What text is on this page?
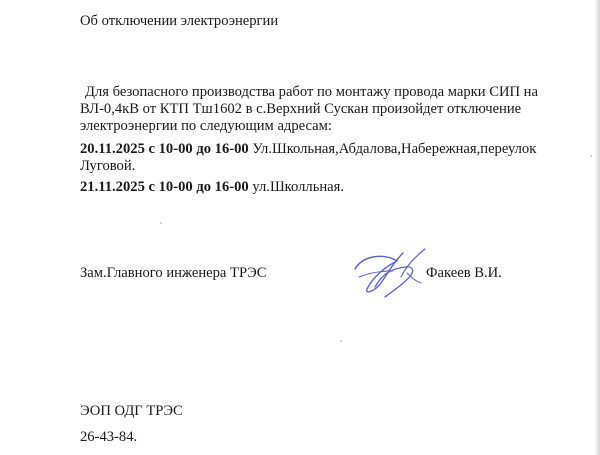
Об отключении электроэнергии
Для безопасного производства работ по монтажу провода марки СИП на ВЛ-0,4кВ от КТП Тш1602 в с.Верхний Сускан произойдет отключение электроэнергии по следующим адресам:
20.11.2025 с 10-00 до 16-00 Ул.Школьная,Абдалова,Набережная,переулок Луговой.
21.11.2025 с 10-00 до 16-00 ул.Школльная.
Зам.Главного инженера ТРЭС	Факеев В.И.
ЭОП ОДГ ТРЭС
26-43-84.
